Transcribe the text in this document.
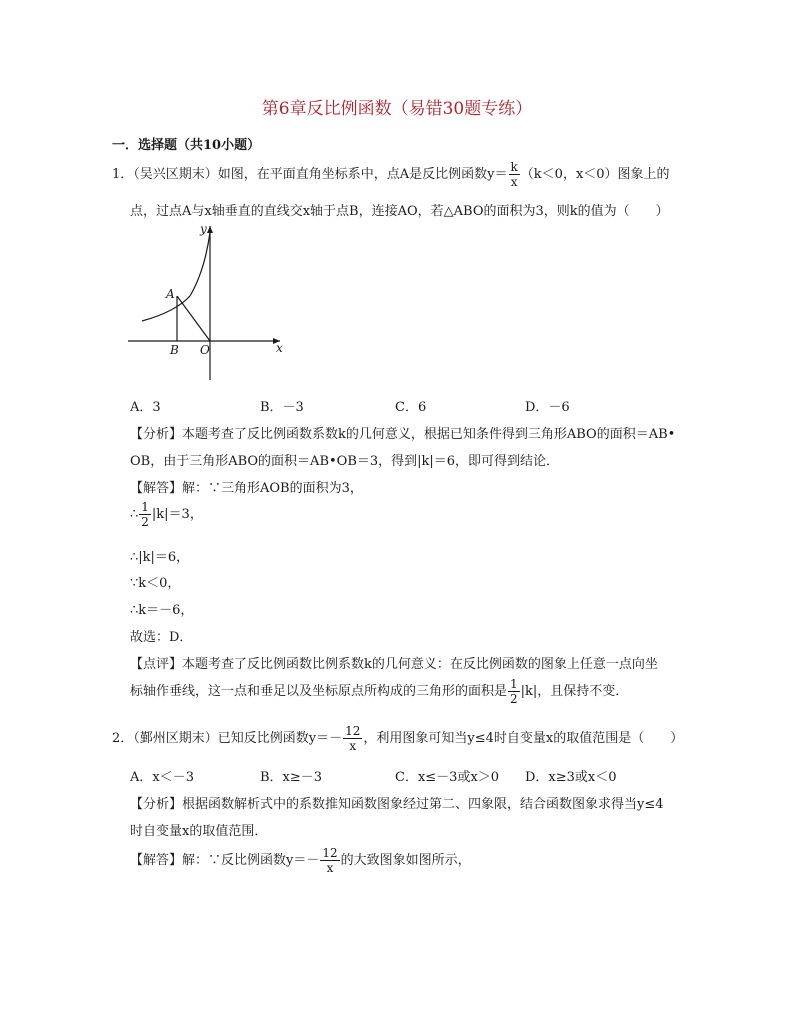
第6章反比例函数（易错30题专练）
一．选择题（共10小题）
1．（吴兴区期末）如图，在平面直角坐标系中，点A是反比例函数$y= \frac{k}{x} (k<0$，x＜0）图象上的
点，过点A与x轴垂直的直线交x轴于点B，连接AO，若△ABO的面积为3，则k的值为（　　）
y
x
A
B O
A．3	B．－3	C．6	D．－6
【分析】本题考查了反比例函数系数k的几何意义，根据已知条件得到三角形ABO的面积＝AB•
OB，由于三角形ABO的面积＝AB•OB＝3，得到|k|＝6，即可得到结论．
【解答】解：∵三角形AOB的面积为3，
∴ $\frac{1}{2} |k|=3$，
∴|k|＝6，
∵k＜0，
∴k＝－6，
故选：D．
【点评】本题考查了反比例函数比例系数k的几何意义：在反比例函数的图象上任意一点向坐
标轴作垂线，这一点和垂足以及坐标原点所构成的三角形的面积是 $\frac{1}{2} |k|$，且保持不变．
2．（鄞州区期末）已知反比例函数$y=- \frac{12}{x}$ ，利用图象可知当y≤4时自变量x的取值范围是（　　）
A．x＜－3	B．x≥－3	C．x≤－3或x＞0 D．x≥3或x＜0
【分析】根据函数解析式中的系数推知函数图象经过第二、四象限，结合函数图象求得当y≤4
时自变量x的取值范围．
【解答】解：∵反比例函数$y=- \frac{12}{x}$ 的大致图象如图所示，
